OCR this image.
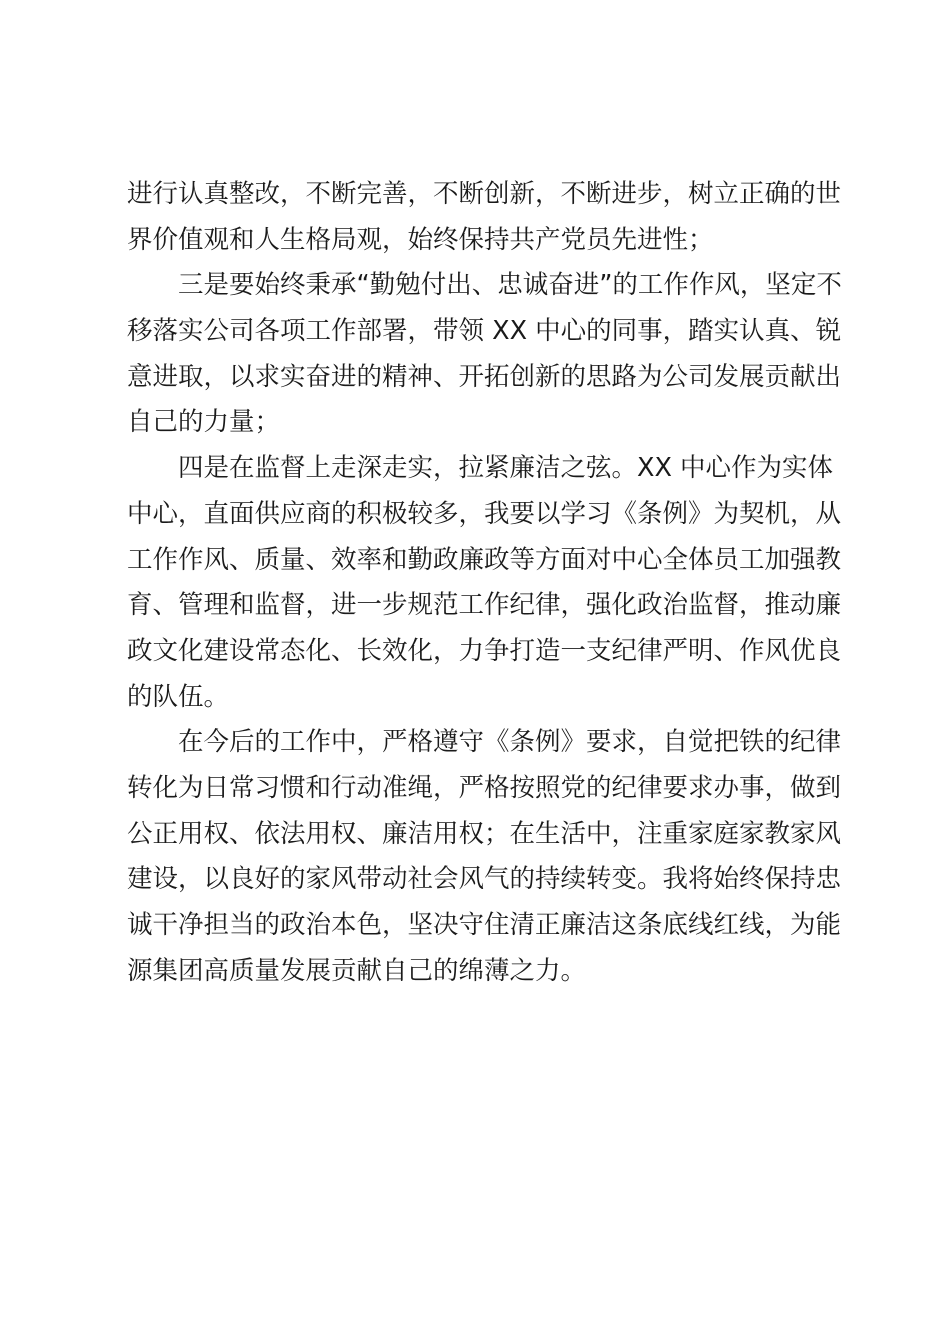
进行认真整改，不断完善，不断创新，不断进步，树立正确的世
界价值观和人生格局观，始终保持共产党员先进性；
三是要始终秉承“勤勉付出、忠诚奋进”的工作作风，坚定不
移落实公司各项工作部署，带领 XX 中心的同事，踏实认真、锐
意进取，以求实奋进的精神、开拓创新的思路为公司发展贡献出
自己的力量；
四是在监督上走深走实，拉紧廉洁之弦。XX 中心作为实体
中心，直面供应商的积极较多，我要以学习《条例》为契机，从
工作作风、质量、效率和勤政廉政等方面对中心全体员工加强教
育、管理和监督，进一步规范工作纪律，强化政治监督，推动廉
政文化建设常态化、长效化，力争打造一支纪律严明、作风优良
的队伍。
在今后的工作中，严格遵守《条例》要求，自觉把铁的纪律
转化为日常习惯和行动准绳，严格按照党的纪律要求办事，做到
公正用权、依法用权、廉洁用权；在生活中，注重家庭家教家风
建设，以良好的家风带动社会风气的持续转变。我将始终保持忠
诚干净担当的政治本色，坚决守住清正廉洁这条底线红线，为能
源集团高质量发展贡献自己的绵薄之力。
